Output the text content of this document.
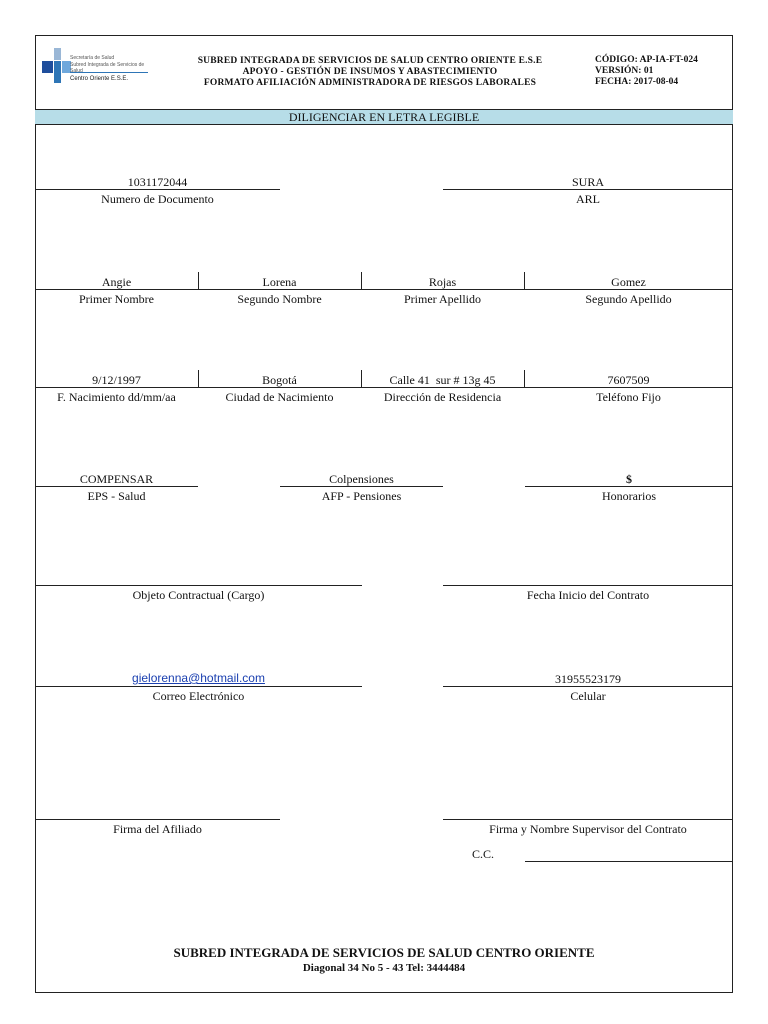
Secretaría de Salud
Subred Integrada de Servicios de Salud
Centro Oriente E.S.E.
SUBRED INTEGRADA DE SERVICIOS DE SALUD CENTRO ORIENTE E.S.E
APOYO - GESTIÓN DE INSUMOS Y ABASTECIMIENTO
FORMATO AFILIACIÓN ADMINISTRADORA DE RIESGOS LABORALES
CÓDIGO: AP-IA-FT-024
VERSIÓN: 01
FECHA: 2017-08-04
DILIGENCIAR EN LETRA LEGIBLE
1031172044
Numero de Documento
SURA
ARL
Angie	Lorena	Rojas	Gomez
Primer Nombre	Segundo Nombre	Primer Apellido	Segundo Apellido
9/12/1997	Bogotá	Calle 41  sur # 13g 45	7607509
F. Nacimiento dd/mm/aa	Ciudad de Nacimiento	Dirección de Residencia	Teléfono Fijo
COMPENSAR
EPS - Salud
Colpensiones
AFP - Pensiones
$
Honorarios
Objeto Contractual (Cargo)	Fecha Inicio del Contrato
gielorenna@hotmail.com
Correo Electrónico
31955523179
Celular
Firma del Afiliado	Firma y Nombre Supervisor del Contrato
C.C.
SUBRED INTEGRADA DE SERVICIOS DE SALUD CENTRO ORIENTE
Diagonal 34 No 5 - 43 Tel: 3444484
